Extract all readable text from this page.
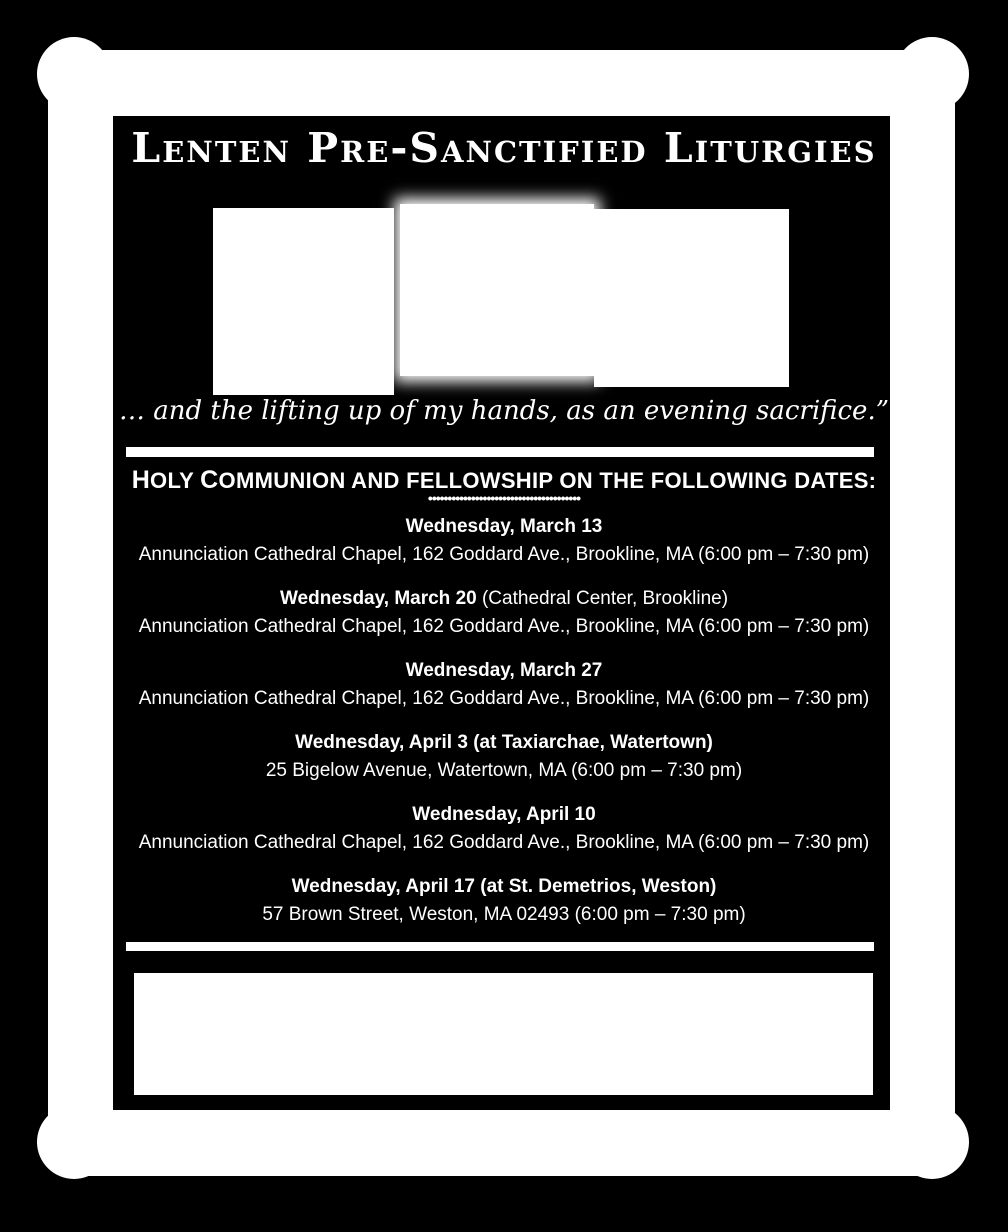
Lenten Pre-Sanctified Liturgies
… and the lifting up of my hands, as an evening sacrifice.”
HOLY COMMUNION AND FELLOWSHIP ON THE FOLLOWING DATES:
•••••••••••••••••••••••••••••••••••••••
Wednesday, March 13
Annunciation Cathedral Chapel, 162 Goddard Ave., Brookline, MA (6:00 pm – 7:30 pm)
Wednesday, March 20 (Cathedral Center, Brookline)
Annunciation Cathedral Chapel, 162 Goddard Ave., Brookline, MA (6:00 pm – 7:30 pm)
Wednesday, March 27
Annunciation Cathedral Chapel, 162 Goddard Ave., Brookline, MA (6:00 pm – 7:30 pm)
Wednesday, April 3 (at Taxiarchae, Watertown)
25 Bigelow Avenue, Watertown, MA (6:00 pm – 7:30 pm)
Wednesday, April 10
Annunciation Cathedral Chapel, 162 Goddard Ave., Brookline, MA (6:00 pm – 7:30 pm)
Wednesday, April 17 (at St. Demetrios, Weston)
57 Brown Street, Weston, MA 02493 (6:00 pm – 7:30 pm)
